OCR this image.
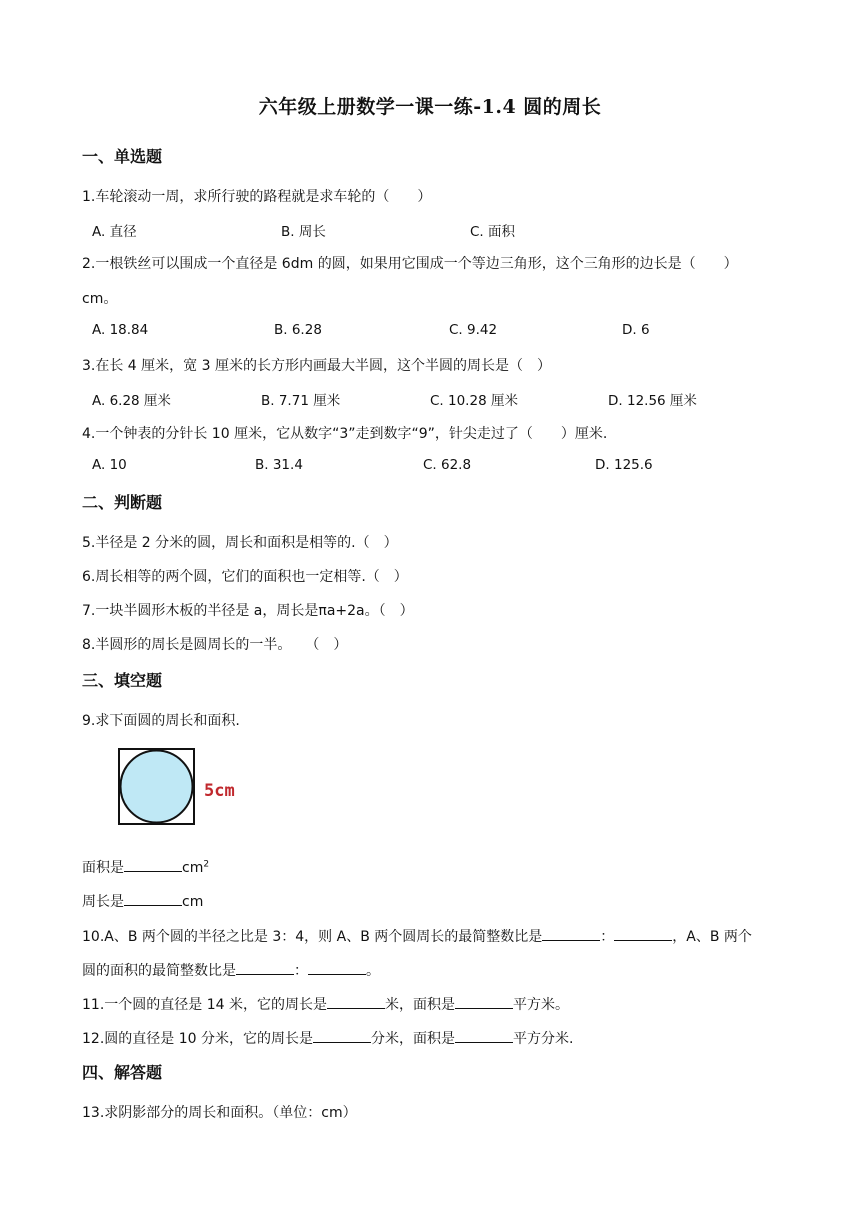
六年级上册数学一课一练-1.4 圆的周长
一、单选题
1.车轮滚动一周，求所行驶的路程就是求车轮的（　　）
A. 直径	B. 周长	C. 面积
2.一根铁丝可以围成一个直径是 6dm 的圆，如果用它围成一个等边三角形，这个三角形的边长是（　　）
cm。
A. 18.84	B. 6.28	C. 9.42	D. 6
3.在长 4 厘米，宽 3 厘米的长方形内画最大半圆，这个半圆的周长是（　）
A. 6.28 厘米	B. 7.71 厘米	C. 10.28 厘米	D. 12.56 厘米
4.一个钟表的分针长 10 厘米，它从数字“3”走到数字“9”，针尖走过了（　　）厘米.
A. 10	B. 31.4	C. 62.8	D. 125.6
二、判断题
5.半径是 2 分米的圆，周长和面积是相等的.（　）
6.周长相等的两个圆，它们的面积也一定相等.（　）
7.一块半圆形木板的半径是 a，周长是πa+2a。（　）
8.半圆形的周长是圆周长的一半。　　（　）
三、填空题
9.求下面圆的周长和面积.
5cm
面积是	$cm^2$
周长是	cm
10.A、B 两个圆的半径之比是 3：4，则 A、B 两个圆周长的最简整数比是	：	，A、B 两个
圆的面积的最简整数比是	：	。
11.一个圆的直径是 14 米，它的周长是	米，面积是	平方米。
12.圆的直径是 10 分米，它的周长是	分米，面积是	平方分米.
四、解答题
13.求阴影部分的周长和面积。（单位：cm）
